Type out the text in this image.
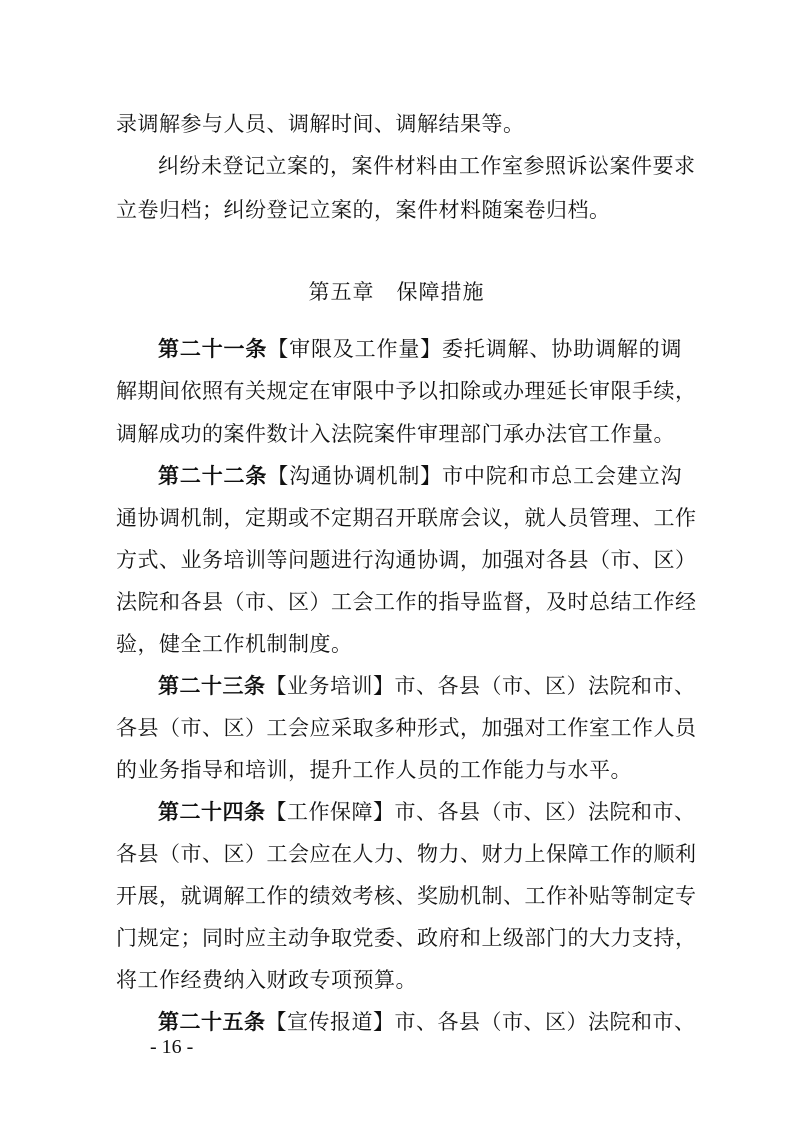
录调解参与人员、调解时间、调解结果等。
纠纷未登记立案的，案件材料由工作室参照诉讼案件要求
立卷归档；纠纷登记立案的，案件材料随案卷归档。
第五章　保障措施
第二十一条【审限及工作量】委托调解、协助调解的调
解期间依照有关规定在审限中予以扣除或办理延长审限手续，
调解成功的案件数计入法院案件审理部门承办法官工作量。
第二十二条【沟通协调机制】市中院和市总工会建立沟
通协调机制，定期或不定期召开联席会议，就人员管理、工作
方式、业务培训等问题进行沟通协调，加强对各县（市、区）
法院和各县（市、区）工会工作的指导监督，及时总结工作经
验，健全工作机制制度。
第二十三条【业务培训】市、各县（市、区）法院和市、
各县（市、区）工会应采取多种形式，加强对工作室工作人员
的业务指导和培训，提升工作人员的工作能力与水平。
第二十四条【工作保障】市、各县（市、区）法院和市、
各县（市、区）工会应在人力、物力、财力上保障工作的顺利
开展，就调解工作的绩效考核、奖励机制、工作补贴等制定专
门规定；同时应主动争取党委、政府和上级部门的大力支持，
将工作经费纳入财政专项预算。
第二十五条【宣传报道】市、各县（市、区）法院和市、
- 16 -
